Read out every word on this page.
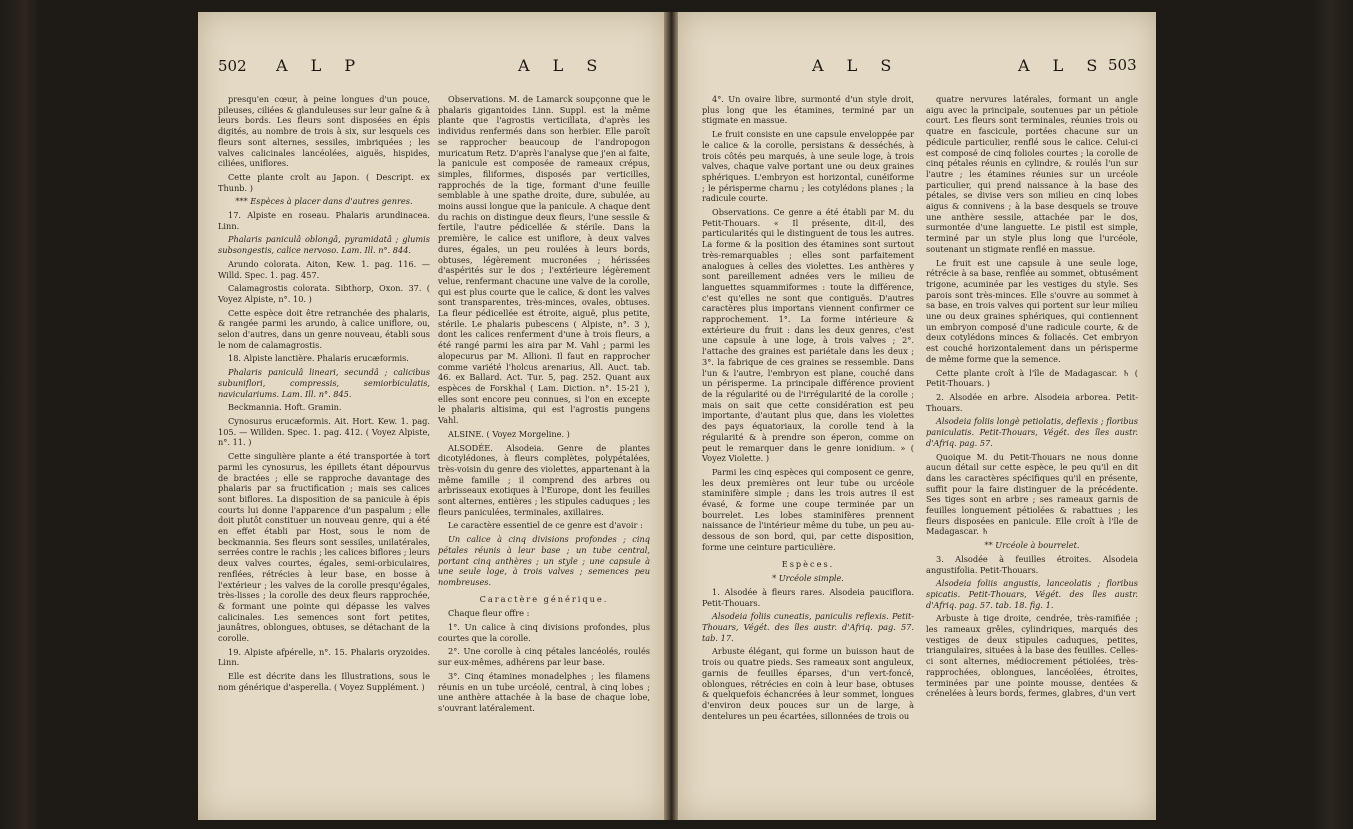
502 A L P	A L S

presqu'en cœur, à peine longues d'un pouce, pileuses, ciliées & glanduleuses sur leur gaîne & à leurs bords. Les fleurs sont disposées en épis digités, au nombre de trois à six, sur lesquels ces fleurs sont alternes, sessiles, imbriquées ; les valves calicinales lancéolées, aiguës, hispides, ciliées, uniflores.

Cette plante croît au Japon. ( Descript. ex Thunb. )

*** Espèces à placer dans d'autres genres.

17. Alpiste en roseau. Phalaris arundinacea. Linn.

Phalaris paniculâ oblongâ, pyramidatâ ; glumis subsongestis, calice nervoso. Lam. Ill. n°. 844.

Arundo colorata. Aiton, Kew. 1. pag. 116. — Willd. Spec. 1. pag. 457.

Calamagrostis colorata. Sibthorp, Oxon. 37. ( Voyez Alpiste, n°. 10. )

Cette espèce doit être retranchée des phalaris, & rangée parmi les arundo, à calice uniflore, ou, selon d'autres, dans un genre nouveau, établi sous le nom de calamagrostis.

18. Alpiste lanctière. Phalaris erucæformis.

Phalaris paniculâ lineari, secundâ ; calicibus subuniflori, compressis, semiorbiculatis, naviculariums. Lam. Ill. n°. 845.

Beckmannia. Hoft. Gramin.

Cynosurus erucæformis. Ait. Hort. Kew. 1. pag. 105. — Willden. Spec. 1. pag. 412. ( Voyez Alpiste, n°. 11. )

Cette singulière plante a été transportée à tort parmi les cynosurus, les épillets étant dépourvus de bractées ; elle se rapproche davantage des phalaris par sa fructification ; mais ses calices sont biflores. La disposition de sa panicule à épis courts lui donne l'apparence d'un paspalum ; elle doit plutôt constituer un nouveau genre, qui a été en effet établi par Host, sous le nom de beckmannia. Ses fleurs sont sessiles, unilatérales, serrées contre le rachis ; les calices biflores ; leurs deux valves courtes, égales, semi-orbiculaires, renflées, rétrécies à leur base, en bosse à l'extérieur ; les valves de la corolle presqu'égales, très-lisses ; la corolle des deux fleurs rapprochée, & formant une pointe qui dépasse les valves calicinales. Les semences sont fort petites, jaunâtres, oblongues, obtuses, se détachant de la corolle.

19. Alpiste afpérelle, n°. 15. Phalaris oryzoides. Linn.

Elle est décrite dans les Illustrations, sous le nom générique d'asperella. ( Voyez Supplément. )

Observations. M. de Lamarck soupçonne que le phalaris gigantoides Linn. Suppl. est la même plante que l'agrostis verticillata, d'après les individus renfermés dans son herbier. Elle paroît se rapprocher beaucoup de l'andropogon muricatum Retz. D'après l'analyse que j'en ai faite, la panicule est composée de rameaux crépus, simples, filiformes, disposés par verticilles, rapprochés de la tige, formant d'une feuille semblable à une spathe droite, dure, subulée, au moins aussi longue que la panicule. A chaque dent du rachis on distingue deux fleurs, l'une sessile & fertile, l'autre pédicellée & stérile. Dans la première, le calice est uniflore, à deux valves dures, égales, un peu roulées à leurs bords, obtuses, légèrement mucronées ; hérissées d'aspérités sur le dos ; l'extérieure légèrement velue, renfermant chacune une valve de la corolle, qui est plus courte que le calice, & dont les valves sont transparentes, très-minces, ovales, obtuses. La fleur pédicellée est étroite, aiguë, plus petite, stérile. Le phalaris pubescens ( Alpiste, n°. 3 ), dont les calices renferment d'une à trois fleurs, a été rangé parmi les aira par M. Vahl ; parmi les alopecurus par M. Allioni. Il faut en rapprocher comme variété l'holcus arenarius, All. Auct. tab. 46. ex Ballard. Act. Tur. 5, pag. 252. Quant aux espèces de Forskhal ( Lam. Diction. n°. 15-21 ), elles sont encore peu connues, si l'on en excepte le phalaris altisima, qui est l'agrostis pungens Vahl.

ALSINE. ( Voyez Morgeline. )

ALSODÉE. Alsodeia. Genre de plantes dicotylédones, à fleurs complètes, polypétalées, très-voisin du genre des violettes, appartenant à la même famille ; il comprend des arbres ou arbrisseaux exotiques à l'Europe, dont les feuilles sont alternes, entières ; les stipules caduques ; les fleurs paniculées, terminales, axillaires.

Le caractère essentiel de ce genre est d'avoir :

Un calice à cinq divisions profondes ; cinq pétales réunis à leur base ; un tube central, portant cinq anthères ; un style ; une capsule à une seule loge, à trois valves ; semences peu nombreuses.

Caractère générique.

Chaque fleur offre :

1°. Un calice à cinq divisions profondes, plus courtes que la corolle.

2°. Une corolle à cinq pétales lancéolés, roulés sur eux-mêmes, adhérens par leur base.

3°. Cinq étamines monadelphes ; les filamens réunis en un tube urcéolé, central, à cinq lobes ; une anthère attachée à la base de chaque lobe, s'ouvrant latéralement.

A L S	A L S 503

4°. Un ovaire libre, surmonté d'un style droit, plus long que les étamines, terminé par un stigmate en massue.

Le fruit consiste en une capsule enveloppée par le calice & la corolle, persistans & desséchés, à trois côtés peu marqués, à une seule loge, à trois valves, chaque valve portant une ou deux graines sphériques. L'embryon est horizontal, cunéiforme ; le périsperme charnu ; les cotylédons planes ; la radicule courte.

Observations. Ce genre a été établi par M. du Petit-Thouars. « Il présente, dit-il, des particularités qui le distinguent de tous les autres. La forme & la position des étamines sont surtout très-remarquables ; elles sont parfaitement analogues à celles des violettes. Les anthères y sont pareillement adnées vers le milieu de languettes squammiformes : toute la différence, c'est qu'elles ne sont que contiguës. D'autres caractères plus importans viennent confirmer ce rapprochement. 1°. La forme intérieure & extérieure du fruit : dans les deux genres, c'est une capsule à une loge, à trois valves ; 2°. l'attache des graines est pariétale dans les deux ; 3°. la fabrique de ces graines se ressemble. Dans l'un & l'autre, l'embryon est plane, couché dans un périsperme. La principale différence provient de la régularité ou de l'irrégularité de la corolle ; mais on sait que cette considération est peu importante, d'autant plus que, dans les violettes des pays équatoriaux, la corolle tend à la régularité & à prendre son éperon, comme on peut le remarquer dans le genre ionidium. » ( Voyez Violette. )

Parmi les cinq espèces qui composent ce genre, les deux premières ont leur tube ou urcéole staminifère simple ; dans les trois autres il est évasé, & forme une coupe terminée par un bourrelet. Les lobes staminifères prennent naissance de l'intérieur même du tube, un peu au-dessous de son bord, qui, par cette disposition, forme une ceinture particulière.

Espèces.

* Urcéole simple.

1. Alsodée à fleurs rares. Alsodeia pauciflora. Petit-Thouars.

Alsodeia foliis cuneatis, paniculis reflexis. Petit-Thouars, Végét. des îles austr. d'Afriq. pag. 57. tab. 17.

Arbuste élégant, qui forme un buisson haut de trois ou quatre pieds. Ses rameaux sont anguleux, garnis de feuilles éparses, d'un vert-foncé, oblongues, rétrécies en coin à leur base, obtuses & quelquefois échancrées à leur sommet, longues d'environ deux pouces sur un de large, à dentelures un peu écartées, sillonnées de trois ou

quatre nervures latérales, formant un angle aigu avec la principale, soutenues par un pétiole court. Les fleurs sont terminales, réunies trois ou quatre en fascicule, portées chacune sur un pédicule particulier, renflé sous le calice. Celui-ci est composé de cinq folioles courtes ; la corolle de cinq pétales réunis en cylindre, & roulés l'un sur l'autre ; les étamines réunies sur un urcéole particulier, qui prend naissance à la base des pétales, se divise vers son milieu en cinq lobes aigus & connivens ; à la base desquels se trouve une anthère sessile, attachée par le dos, surmontée d'une languette. Le pistil est simple, terminé par un style plus long que l'urcéole, soutenant un stigmate renflé en massue.

Le fruit est une capsule à une seule loge, rétrécie à sa base, renflée au sommet, obtusément trigone, acuminée par les vestiges du style. Ses parois sont très-minces. Elle s'ouvre au sommet à sa base, en trois valves qui portent sur leur milieu une ou deux graines sphériques, qui contiennent un embryon composé d'une radicule courte, & de deux cotylédons minces & foliacés. Cet embryon est couché horizontalement dans un périsperme de même forme que la semence.

Cette plante croît à l'île de Madagascar. ♄ ( Petit-Thouars. )

2. Alsodée en arbre. Alsodeia arborea. Petit-Thouars.

Alsodeia foliis longè petiolatis, deflexis ; floribus paniculatis. Petit-Thouars, Végét. des îles austr. d'Afriq. pag. 57.

Quoique M. du Petit-Thouars ne nous donne aucun détail sur cette espèce, le peu qu'il en dit dans les caractères spécifiques qu'il en présente, suffit pour la faire distinguer de la précédente. Ses tiges sont en arbre ; ses rameaux garnis de feuilles longuement pétiolées & rabattues ; les fleurs disposées en panicule. Elle croît à l'île de Madagascar. ♄

** Urcéole à bourrelet.

3. Alsodée à feuilles étroites. Alsodeia angustifolia. Petit-Thouars.

Alsodeia foliis angustis, lanceolatis ; floribus spicatis. Petit-Thouars, Végét. des îles austr. d'Afriq. pag. 57. tab. 18. fig. 1.

Arbuste à tige droite, cendrée, très-ramifiée ; les rameaux grêles, cylindriques, marqués des vestiges de deux stipules caduques, petites, triangulaires, situées à la base des feuilles. Celles-ci sont alternes, médiocrement pétiolées, très-rapprochées, oblongues, lancéolées, étroites, terminées par une pointe mousse, dentées & crénelées à leurs bords, fermes, glabres, d'un vert
